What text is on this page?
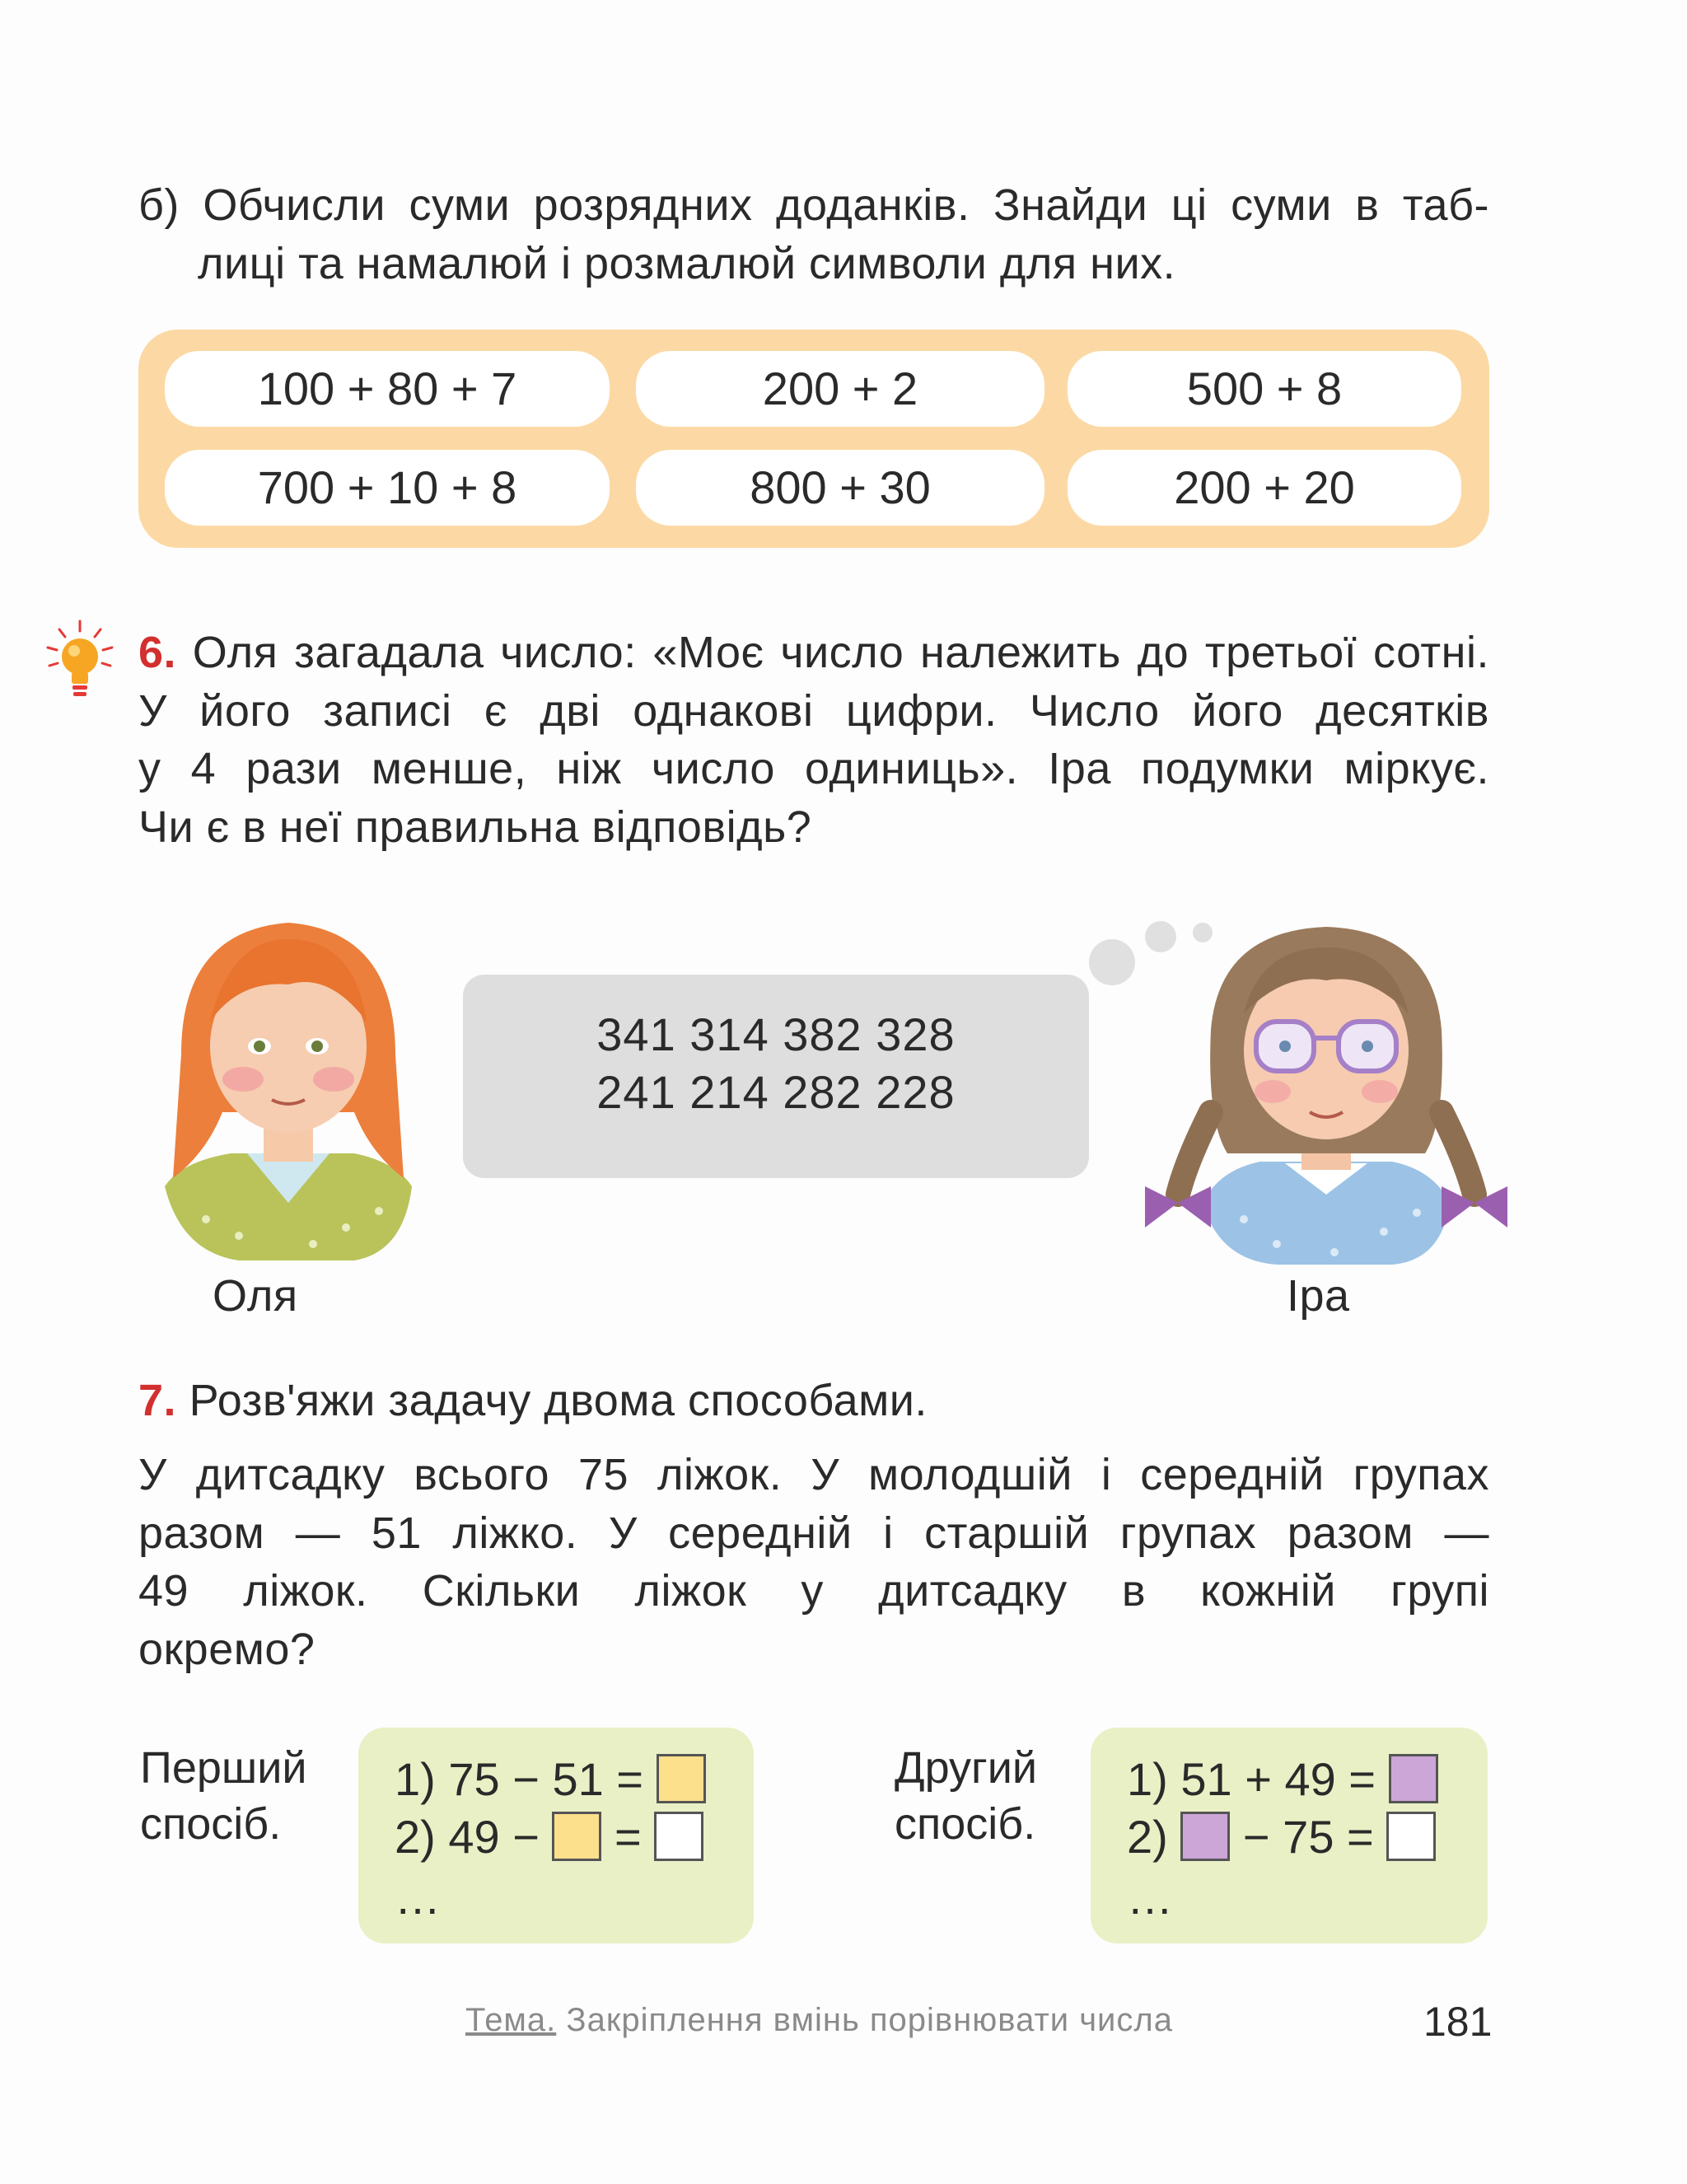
б) Обчисли суми розрядних доданків. Знайди ці суми в таб-
лиці та намалюй і розмалюй символи для них.
100 + 80 + 7	200 + 2	500 + 8
700 + 10 + 8	800 + 30	200 + 20
6. Оля загадала число: «Моє число належить до третьої сотні.
У його записі є дві однакові цифри. Число його десятків
у 4 рази менше, ніж число одиниць». Іра подумки міркує.
Чи є в неї правильна відповідь?
Оля
341 314 382 328
241 214 282 228
Іра
7. Розв'яжи задачу двома способами.
У дитсадку всього 75 ліжок. У молодшій і середній групах
разом — 51 ліжко. У середній і старшій групах разом —
49 ліжок. Скільки ліжок у дитсадку в кожній групі
окремо?
Перший
спосіб.
1) 75 − 51 =
2) 49 − =
…
Другий
спосіб.
1) 51 + 49 =
2) − 75 =
…
Тема. Закріплення вмінь порівнювати числа	181
